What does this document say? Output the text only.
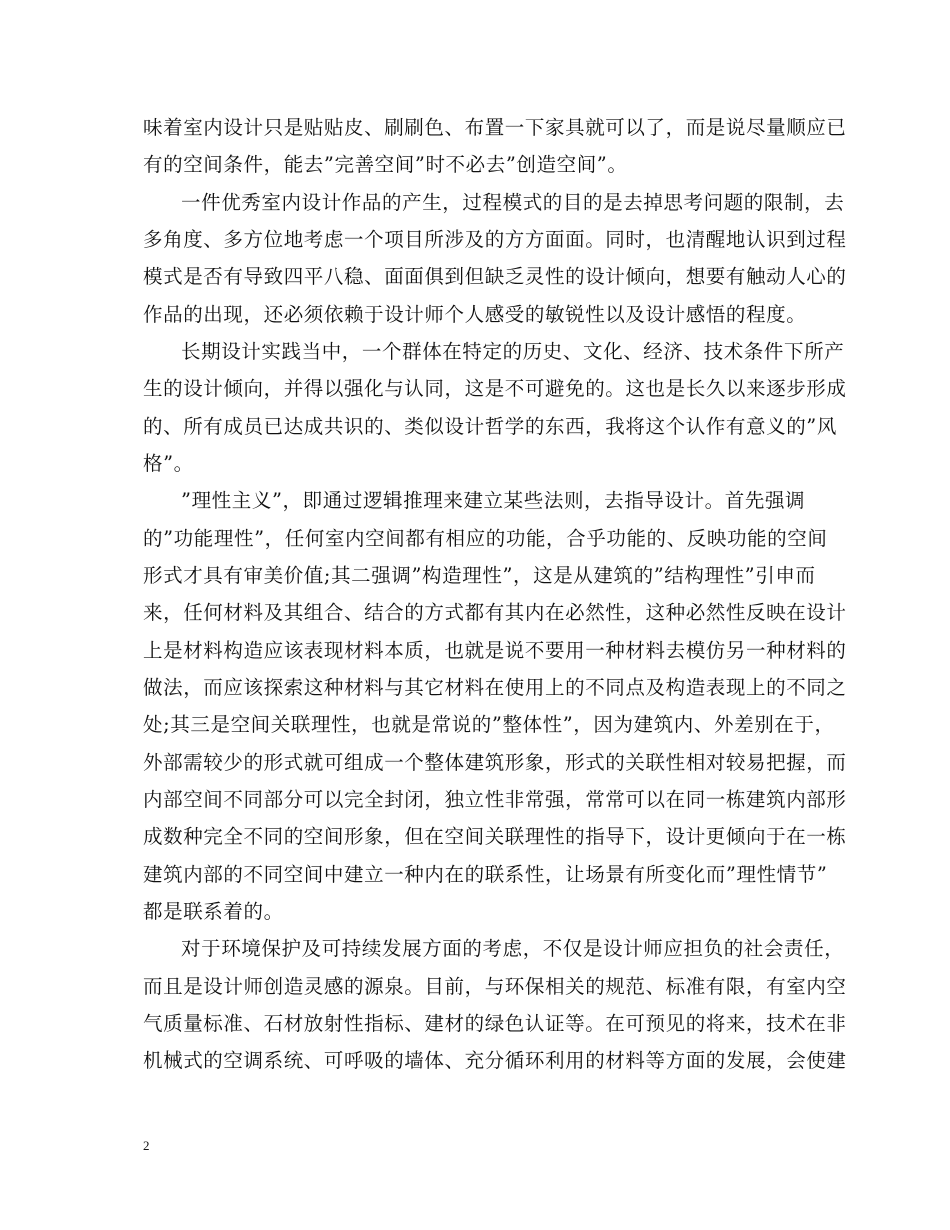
味着室内设计只是贴贴皮、刷刷色、布置一下家具就可以了，而是说尽量顺应已
有的空间条件，能去”完善空间”时不必去”创造空间”。
一件优秀室内设计作品的产生，过程模式的目的是去掉思考问题的限制，去
多角度、多方位地考虑一个项目所涉及的方方面面。同时，也清醒地认识到过程
模式是否有导致四平八稳、面面俱到但缺乏灵性的设计倾向，想要有触动人心的
作品的出现，还必须依赖于设计师个人感受的敏锐性以及设计感悟的程度。
长期设计实践当中，一个群体在特定的历史、文化、经济、技术条件下所产
生的设计倾向，并得以强化与认同，这是不可避免的。这也是长久以来逐步形成
的、所有成员已达成共识的、类似设计哲学的东西，我将这个认作有意义的”风
格”。
”理性主义”，即通过逻辑推理来建立某些法则，去指导设计。首先强调
的”功能理性”，任何室内空间都有相应的功能，合乎功能的、反映功能的空间
形式才具有审美价值;其二强调”构造理性”，这是从建筑的”结构理性”引申而
来，任何材料及其组合、结合的方式都有其内在必然性，这种必然性反映在设计
上是材料构造应该表现材料本质，也就是说不要用一种材料去模仿另一种材料的
做法，而应该探索这种材料与其它材料在使用上的不同点及构造表现上的不同之
处;其三是空间关联理性，也就是常说的”整体性”，因为建筑内、外差别在于，
外部需较少的形式就可组成一个整体建筑形象，形式的关联性相对较易把握，而
内部空间不同部分可以完全封闭，独立性非常强，常常可以在同一栋建筑内部形
成数种完全不同的空间形象，但在空间关联理性的指导下，设计更倾向于在一栋
建筑内部的不同空间中建立一种内在的联系性，让场景有所变化而”理性情节”
都是联系着的。
对于环境保护及可持续发展方面的考虑，不仅是设计师应担负的社会责任，
而且是设计师创造灵感的源泉。目前，与环保相关的规范、标准有限，有室内空
气质量标准、石材放射性指标、建材的绿色认证等。在可预见的将来，技术在非
机械式的空调系统、可呼吸的墙体、充分循环利用的材料等方面的发展，会使建
2
